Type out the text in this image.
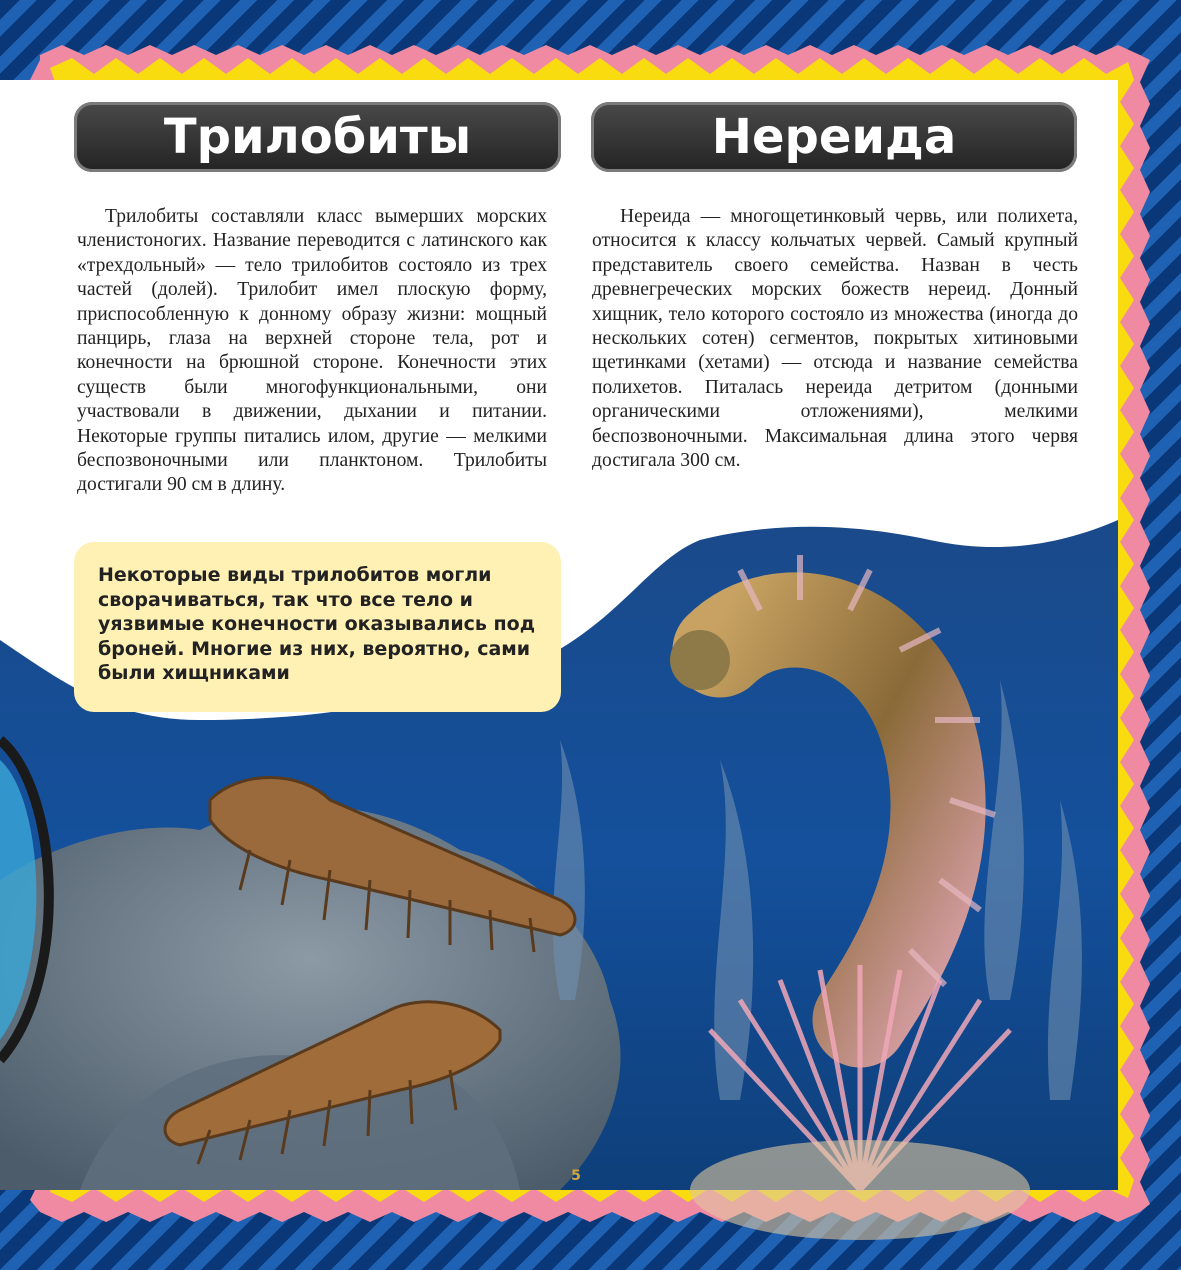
Трилобиты	Нереида

Трилобиты составляли класс вымерших морских членистоногих. Название переводится с латинского как «трехдольный» — тело трилобитов состояло из трех частей (долей). Трилобит имел плоскую форму, приспособленную к донному образу жизни: мощный панцирь, глаза на верхней стороне тела, рот и конечности на брюшной стороне. Конечности этих существ были многофункциональными, они участвовали в движении, дыхании и питании. Некоторые группы питались илом, другие — мелкими беспозвоночными или планктоном. Трилобиты достигали 90 см в длину.

Нереида — многощетинковый червь, или полихета, относится к классу кольчатых червей. Самый крупный представитель своего семейства. Назван в честь древнегреческих морских божеств нереид. Донный хищник, тело которого состояло из множества (иногда до нескольких сотен) сегментов, покрытых хитиновыми щетинками (хетами) — отсюда и название семейства полихетов. Питалась нереида детритом (донными органическими отложениями), мелкими беспозвоночными. Максимальная длина этого червя достигала 300 см.

Некоторые виды трилобитов могли сворачиваться, так что все тело и уязвимые конечности оказывались под броней. Многие из них, вероятно, сами были хищниками

5
